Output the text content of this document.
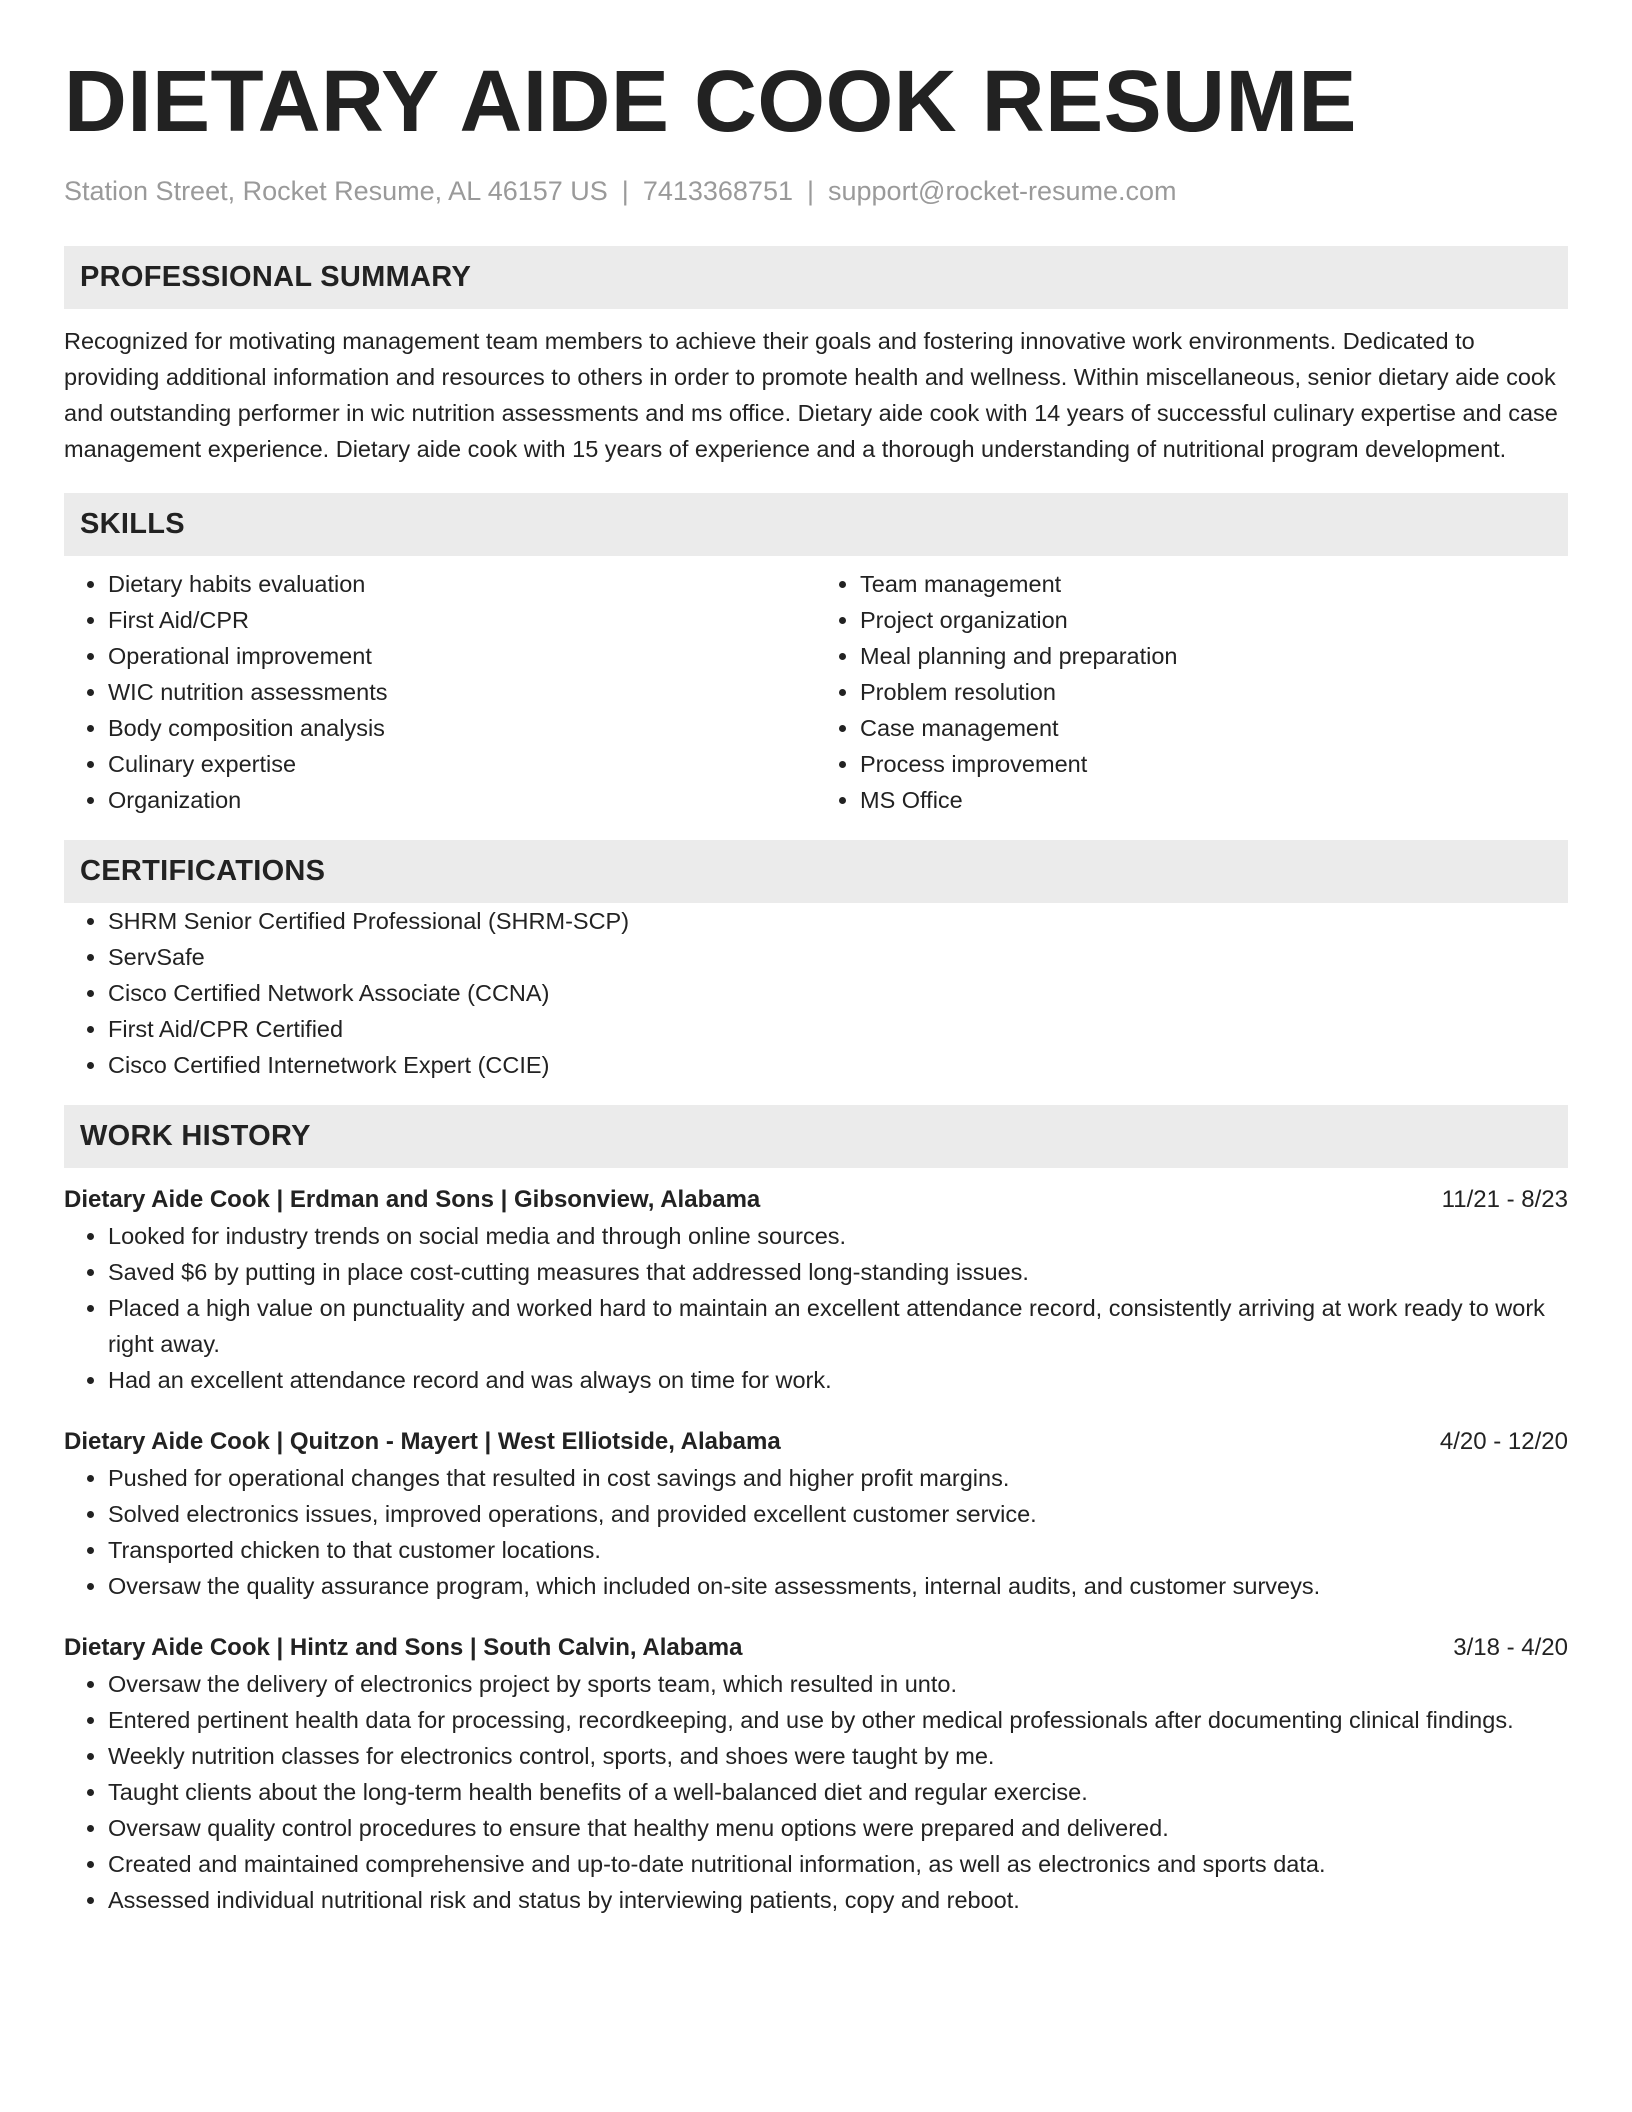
DIETARY AIDE COOK RESUME
Station Street, Rocket Resume, AL 46157 US | 7413368751 | support@rocket-resume.com
PROFESSIONAL SUMMARY

Recognized for motivating management team members to achieve their goals and fostering innovative work environments. Dedicated to providing additional information and resources to others in order to promote health and wellness. Within miscellaneous, senior dietary aide cook and outstanding performer in wic nutrition assessments and ms office. Dietary aide cook with 14 years of successful culinary expertise and case management experience. Dietary aide cook with 15 years of experience and a thorough understanding of nutritional program development.

SKILLS
• Dietary habits evaluation
• First Aid/CPR
• Operational improvement
• WIC nutrition assessments
• Body composition analysis
• Culinary expertise
• Organization
• Team management
• Project organization
• Meal planning and preparation
• Problem resolution
• Case management
• Process improvement
• MS Office
CERTIFICATIONS
• SHRM Senior Certified Professional (SHRM-SCP)
• ServSafe
• Cisco Certified Network Associate (CCNA)
• First Aid/CPR Certified
• Cisco Certified Internetwork Expert (CCIE)
WORK HISTORY
Dietary Aide Cook | Erdman and Sons | Gibsonview, Alabama	11/21 - 8/23
• Looked for industry trends on social media and through online sources.
• Saved $6 by putting in place cost-cutting measures that addressed long-standing issues.
• Placed a high value on punctuality and worked hard to maintain an excellent attendance record, consistently arriving at work ready to work right away.
• Had an excellent attendance record and was always on time for work.
Dietary Aide Cook | Quitzon - Mayert | West Elliotside, Alabama	4/20 - 12/20
• Pushed for operational changes that resulted in cost savings and higher profit margins.
• Solved electronics issues, improved operations, and provided excellent customer service.
• Transported chicken to that customer locations.
• Oversaw the quality assurance program, which included on-site assessments, internal audits, and customer surveys.
Dietary Aide Cook | Hintz and Sons | South Calvin, Alabama	3/18 - 4/20
• Oversaw the delivery of electronics project by sports team, which resulted in unto.
• Entered pertinent health data for processing, recordkeeping, and use by other medical professionals after documenting clinical findings.
• Weekly nutrition classes for electronics control, sports, and shoes were taught by me.
• Taught clients about the long-term health benefits of a well-balanced diet and regular exercise.
• Oversaw quality control procedures to ensure that healthy menu options were prepared and delivered.
• Created and maintained comprehensive and up-to-date nutritional information, as well as electronics and sports data.
• Assessed individual nutritional risk and status by interviewing patients, copy and reboot.
